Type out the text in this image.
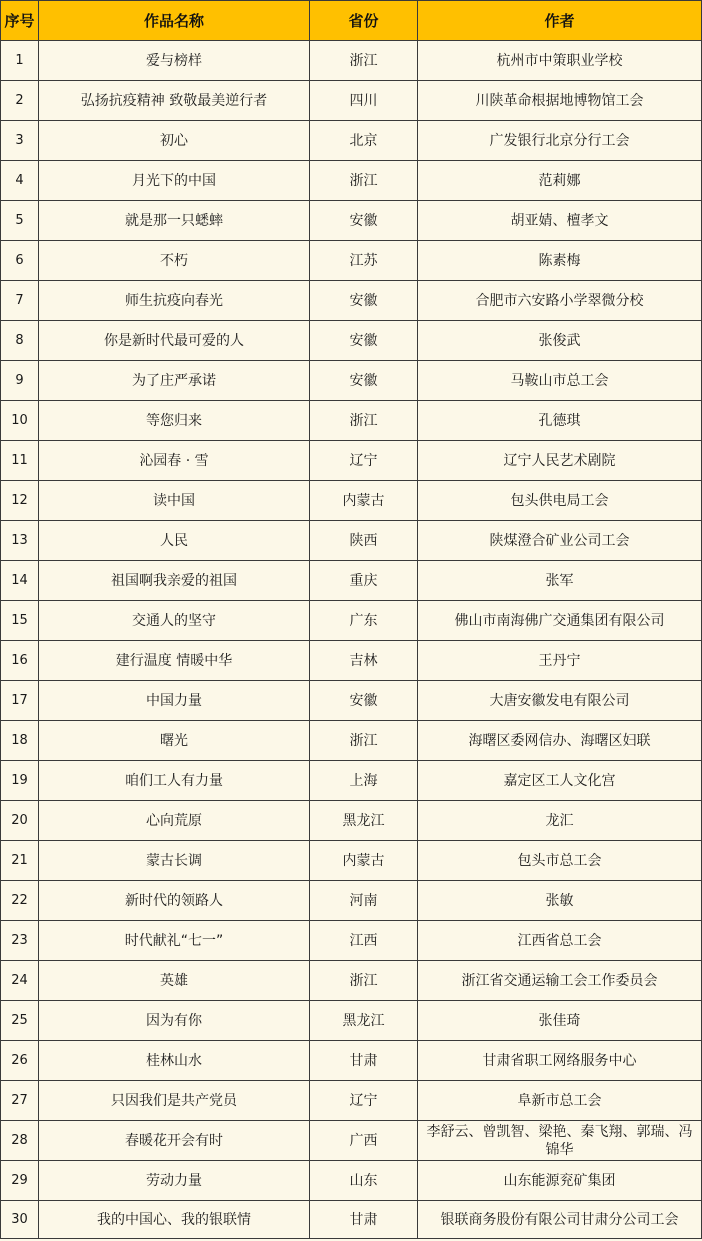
序号	作品名称	省份	作者
1	爱与榜样	浙江	杭州市中策职业学校
2	弘扬抗疫精神 致敬最美逆行者	四川	川陕革命根据地博物馆工会
3	初心	北京	广发银行北京分行工会
4	月光下的中国	浙江	范莉娜
5	就是那一只蟋蟀	安徽	胡亚婧、檀孝文
6	不朽	江苏	陈素梅
7	师生抗疫向春光	安徽	合肥市六安路小学翠微分校
8	你是新时代最可爱的人	安徽	张俊武
9	为了庄严承诺	安徽	马鞍山市总工会
10	等您归来	浙江	孔德琪
11	沁园春 · 雪	辽宁	辽宁人民艺术剧院
12	读中国	内蒙古	包头供电局工会
13	人民	陕西	陕煤澄合矿业公司工会
14	祖国啊我亲爱的祖国	重庆	张军
15	交通人的坚守	广东	佛山市南海佛广交通集团有限公司
16	建行温度 情暖中华	吉林	王丹宁
17	中国力量	安徽	大唐安徽发电有限公司
18	曙光	浙江	海曙区委网信办、海曙区妇联
19	咱们工人有力量	上海	嘉定区工人文化宫
20	心向荒原	黑龙江	龙汇
21	蒙古长调	内蒙古	包头市总工会
22	新时代的领路人	河南	张敏
23	时代献礼“七一”	江西	江西省总工会
24	英雄	浙江	浙江省交通运输工会工作委员会
25	因为有你	黑龙江	张佳琦
26	桂林山水	甘肃	甘肃省职工网络服务中心
27	只因我们是共产党员	辽宁	阜新市总工会
28	春暖花开会有时	广西	李舒云、曾凯智、梁艳、秦飞翔、郭瑞、冯锦华
29	劳动力量	山东	山东能源兖矿集团
30	我的中国心、我的银联情	甘肃	银联商务股份有限公司甘肃分公司工会
